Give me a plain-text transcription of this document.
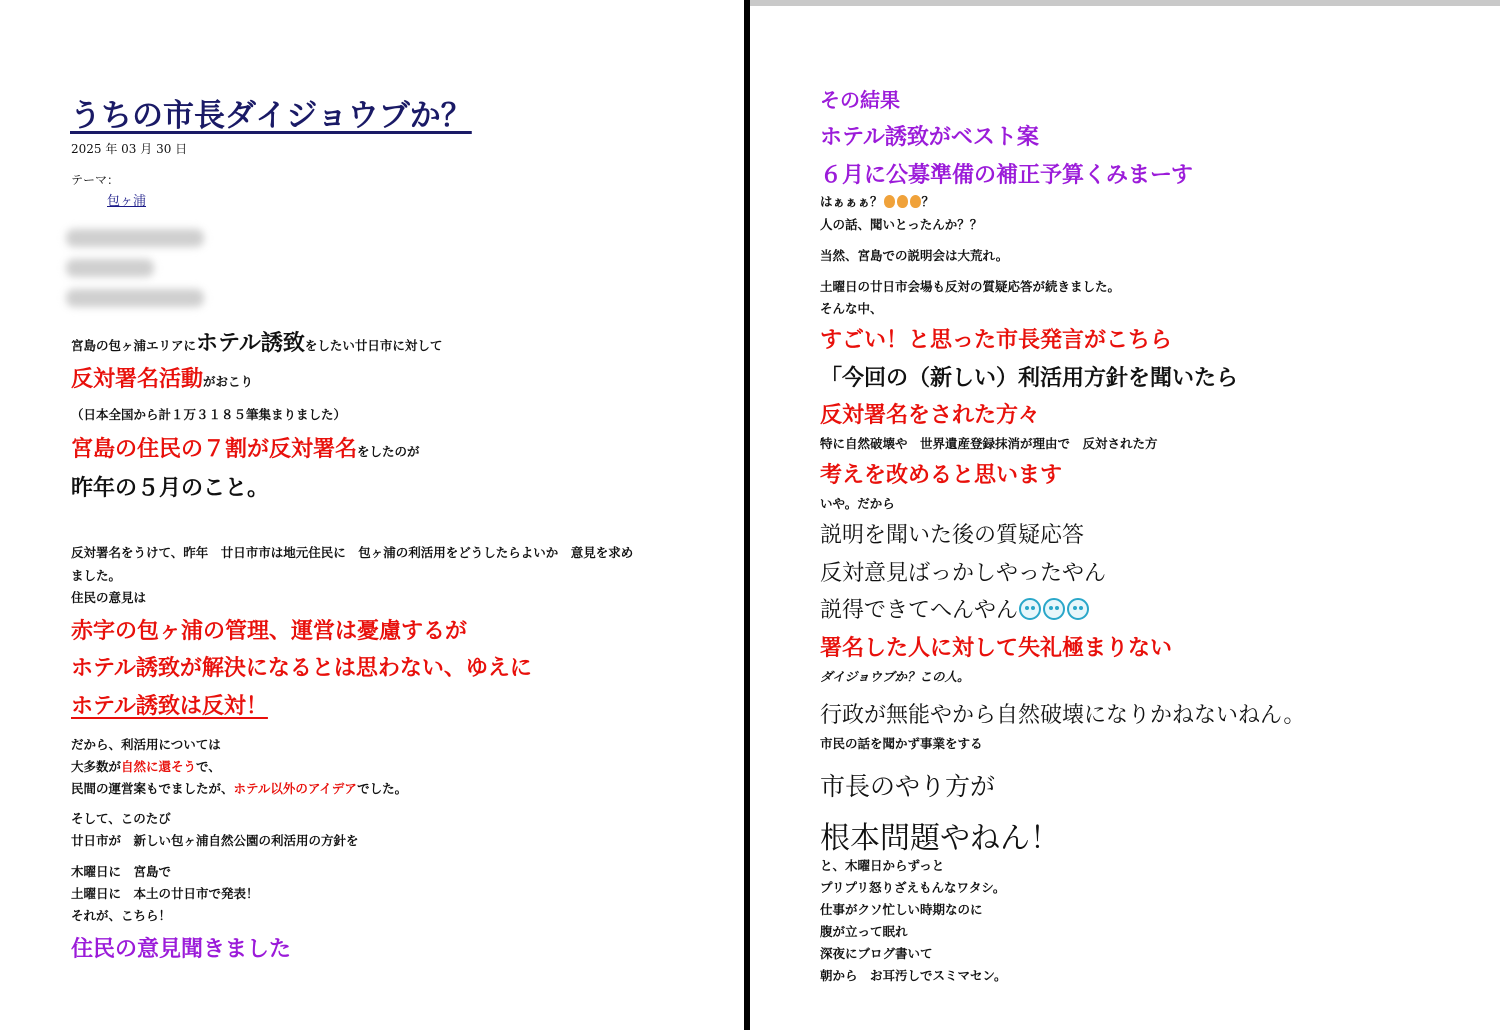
うちの市長ダイジョウブか？
2025 年 03 月 30 日
テーマ：
包ヶ浦
宮島の包ヶ浦エリアにホテル誘致をしたい廿日市に対して
反対署名活動がおこり
（日本全国から計１万３１８５筆集まりました）
宮島の住民の７割が反対署名をしたのが
昨年の５月のこと。
反対署名をうけて、昨年　廿日市市は地元住民に　包ヶ浦の利活用をどうしたらよいか　意見を求め
ました。
住民の意見は
赤字の包ヶ浦の管理、運営は憂慮するが
ホテル誘致が解決になるとは思わない、ゆえに
ホテル誘致は反対！
だから、利活用については
大多数が自然に還そうで、
民間の運営案もでましたが、ホテル以外のアイデアでした。
そして、このたび
廿日市が　新しい包ヶ浦自然公園の利活用の方針を
木曜日に　宮島で
土曜日に　本土の廿日市で発表！
それが、こちら！
住民の意見聞きました
その結果
ホテル誘致がベスト案
６月に公募準備の補正予算くみまーす
はぁぁぁ？	？
人の話、聞いとったんか？？
当然、宮島での説明会は大荒れ。
土曜日の廿日市会場も反対の質疑応答が続きました。
そんな中、
すごい！と思った市長発言がこちら
「今回の（新しい）利活用方針を聞いたら
反対署名をされた方々
特に自然破壊や　世界遺産登録抹消が理由で　反対された方
考えを改めると思います
いや。だから
説明を聞いた後の質疑応答
反対意見ばっかしやったやん
説得できてへんやん
署名した人に対して失礼極まりない
ダイジョウブか？この人。
行政が無能やから自然破壊になりかねないねん。
市民の話を聞かず事業をする
市長のやり方が
根本問題やねん！
と、木曜日からずっと
プリプリ怒りざえもんなワタシ。
仕事がクソ忙しい時期なのに
腹が立って眠れ
深夜にブログ書いて
朝から　お耳汚しでスミマセン。
